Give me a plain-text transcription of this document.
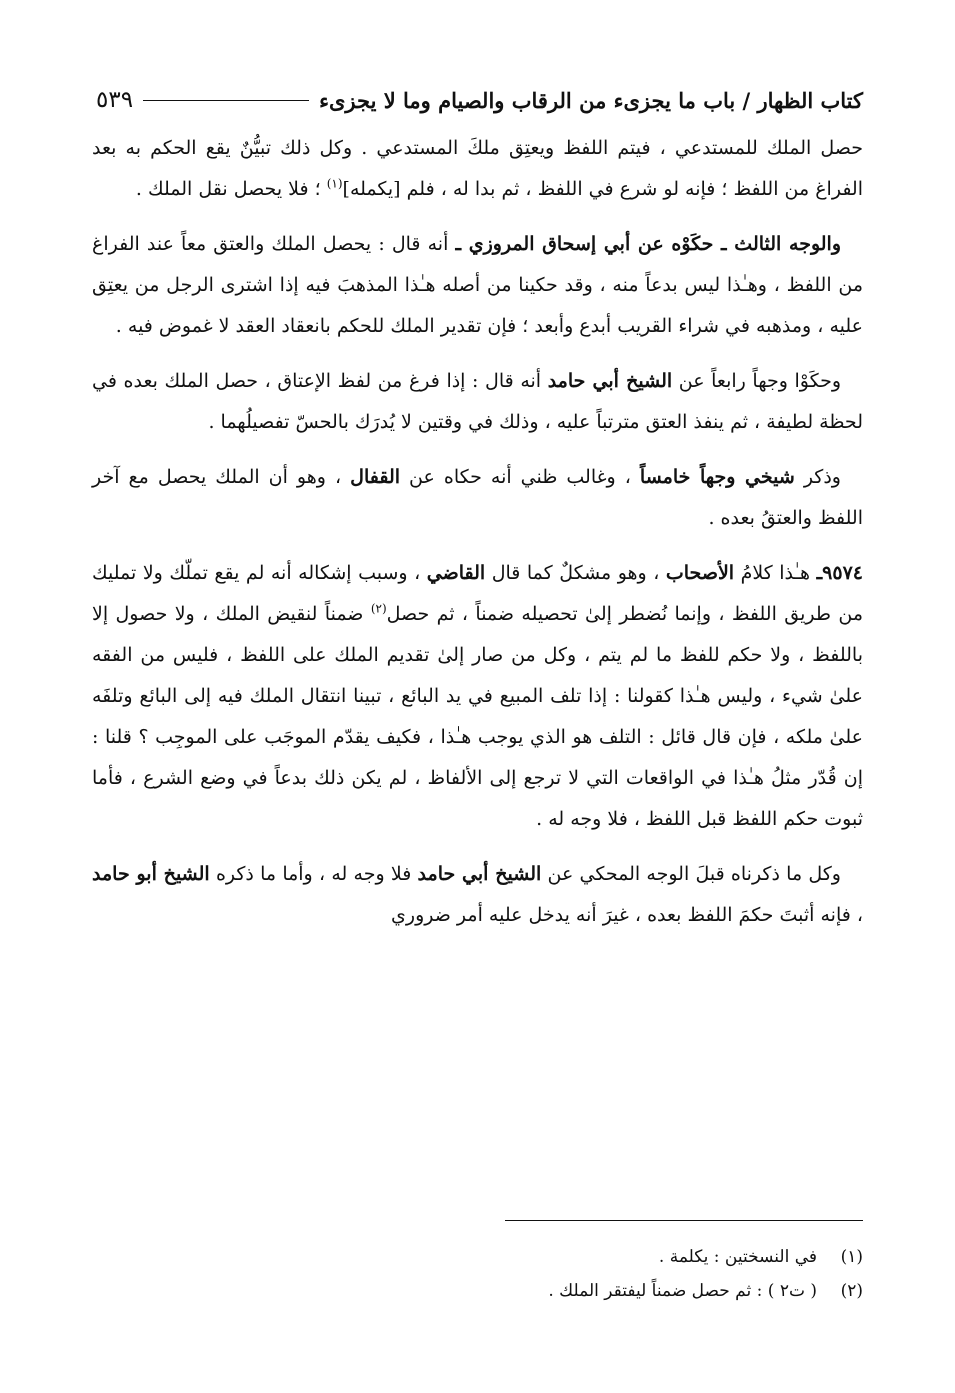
كتاب الظهار / باب ما يجزىء من الرقاب والصيام وما لا يجزىء
٥٣٩

حصل الملك للمستدعي ، فيتم اللفظ ويعتِق ملكَ المستدعي . وكل ذلك تبيُّنٌ يقع الحكم به بعد الفراغ من اللفظ ؛ فإنه لو شرع في اللفظ ، ثم بدا له ، فلم [يكمله]$^{(١)}$ ؛ فلا يحصل نقل الملك .

والوجه الثالث ـ حكَوْه عن أبي إسحاق المروزي ـ أنه قال : يحصل الملك والعتق معاً عند الفراغ من اللفظ ، وهـٰذا ليس بدعاً منه ، وقد حكينا من أصله هـٰذا المذهبَ فيه إذا اشترى الرجل من يعتِق عليه ، ومذهبه في شراء القريب أبدع وأبعد ؛ فإن تقدير الملك للحكم بانعقاد العقد لا غموض فيه .

وحكَوْا وجهاً رابعاً عن الشيخ أبي حامد أنه قال : إذا فرغ من لفظ الإعتاق ، حصل الملك بعده في لحظة لطيفة ، ثم ينفذ العتق مترتباً عليه ، وذلك في وقتين لا يُدرَك بالحسّ تفصيلُهما .

وذكر شيخي وجهاً خامساً ، وغالب ظني أنه حكاه عن القفال ، وهو أن الملك يحصل مع آخر اللفظ والعتقُ بعده .

٩٥٧٤ـ هـٰذا كلامُ الأصحاب ، وهو مشكلٌ كما قال القاضي ، وسبب إشكاله أنه لم يقع تملّك ولا تمليك من طريق اللفظ ، وإنما نُضطر إلىٰ تحصيله ضمناً ، ثم حصل$^{(٢)}$ ضمناً لنقيض الملك ، ولا حصول إلا باللفظ ، ولا حكم للفظ ما لم يتم ، وكل من صار إلىٰ تقديم الملك على اللفظ ، فليس من الفقه علىٰ شيء ، وليس هـٰذا كقولنا : إذا تلف المبيع في يد البائع ، تبينا انتقال الملك فيه إلى البائع وتلفَه علىٰ ملكه ، فإن قال قائل : التلف هو الذي يوجب هـٰذا ، فكيف يقدّم الموجَب على الموجِب ؟ قلنا : إن قُدّر مثلُ هـٰذا في الواقعات التي لا ترجع إلى الألفاظ ، لم يكن ذلك بدعاً في وضع الشرع ، فأما ثبوت حكم اللفظ قبل اللفظ ، فلا وجه له .

وكل ما ذكرناه قبلَ الوجه المحكي عن الشيخ أبي حامد فلا وجه له ، وأما ما ذكره الشيخ أبو حامد ، فإنه أثبتَ حكمَ اللفظ بعده ، غيرَ أنه يدخل عليه أمر ضروري

(١)
في النسختين : يكلمة .
(٢)
( ت٢ ) : ثم حصل ضمناً ليفتقر الملك .
